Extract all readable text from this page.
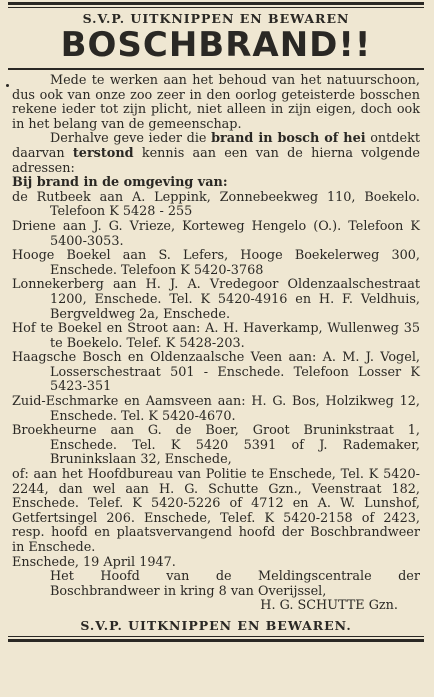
S.V.P. UITKNIPPEN EN BEWAREN
BOSCHBRAND!!

Mede te werken aan het behoud van het natuurschoon, dus ook van onze zoo zeer in den oorlog geteisterde bosschen rekene ieder tot zijn plicht, niet alleen in zijn eigen, doch ook in het belang van de gemeenschap.

Derhalve geve ieder die brand in bosch of hei ontdekt daarvan terstond kennis aan een van de hierna volgende adressen:

Bij brand in de omgeving van:

de Rutbeek aan A. Leppink, Zonnebeekweg 110, Boekelo. Telefoon K 5428 - 255

Driene aan J. G. Vrieze, Korteweg Hengelo (O.). Telefoon K 5400-3053.

Hooge Boekel aan S. Lefers, Hooge Boekelerweg 300, Enschede. Telefoon K 5420-3768

Lonnekerberg aan H. J. A. Vredegoor Oldenzaalschestraat 1200, Enschede. Tel. K 5420-4916 en H. F. Veldhuis, Bergveldweg 2a, Enschede.

Hof te Boekel en Stroot aan: A. H. Haverkamp, Wullenweg 35 te Boekelo. Telef. K 5428-203.

Haagsche Bosch en Oldenzaalsche Veen aan: A. M. J. Vogel, Losserschestraat 501 - Enschede. Telefoon Losser K 5423-351

Zuid-Eschmarke en Aamsveen aan: H. G. Bos, Holzikweg 12, Enschede. Tel. K 5420-4670.

Broekheurne aan G. de Boer, Groot Bruninkstraat 1, Enschede. Tel. K 5420 5391 of J. Rademaker, Bruninkslaan 32, Enschede,

of: aan het Hoofdbureau van Politie te Enschede, Tel. K 5420-2244, dan wel aan H. G. Schutte Gzn., Veenstraat 182, Enschede. Telef. K 5420-5226 of 4712 en A. W. Lunshof, Getfertsingel 206. Enschede, Telef. K 5420-2158 of 2423, resp. hoofd en plaatsvervangend hoofd der Boschbrandweer in Enschede.

Enschede, 19 April 1947.

Het Hoofd van de Meldingscentrale der Boschbrandweer in kring 8 van Overijssel,

H. G. SCHUTTE Gzn.

S.V.P. UITKNIPPEN EN BEWAREN.
